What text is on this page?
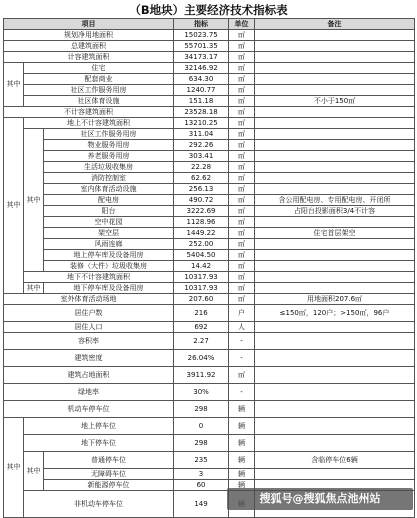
（B地块）主要经济技术指标表
项目			指标	单位	备注
规划净用地面积			15023.75	㎡	
总建筑面积			55701.35	㎡	
计容建筑面积			34173.17	㎡	
其中	住宅		32146.92	㎡	
	配套商业		634.30	㎡	
	社区工作服务用房		1240.77	㎡	
	社区体育设施		151.18	㎡	不小于150㎡
不计容建筑面积			23528.18	㎡	
其中	地上不计容建筑面积		13210.25	㎡	
	其中	社区工作服务用房	311.04	㎡	
		物业服务用房	292.26	㎡	
		养老服务用房	303.41	㎡	
		生活垃圾收集房	22.28	㎡	
		消防控制室	62.62	㎡	
		室内体育活动设施	256.13	㎡	
		配电房	490.72	㎡	含公用配电房、专用配电房、开闭所
		阳台	3222.69	㎡	占阳台投影面积3/4不计容
		空中花园	1128.96	㎡	
		架空层	1449.22	㎡	住宅首层架空
		风雨连廊	252.00	㎡	
		地上停车库及设备用房	5404.50	㎡	
		装修（大件）垃圾收集房	14.42	㎡	
	地下不计容建筑面积		10317.93	㎡	
	其中	地下停车库及设备用房	10317.93	㎡	
室外体育活动场地			207.60	㎡	用地面积207.6㎡
居住户数			216	户	≤150㎡，120户；>150㎡，96户
居住人口			692	人	
容积率			2.27	-	
建筑密度			26.04%	-	
建筑占地面积			3911.92	㎡	
绿地率			30%	-	
机动车停车位			298	辆	
其中	地上停车位		0	辆	
	地下停车位		298	辆	
	其中	普通停车位	235	辆	含临停车位6辆
		无障碍车位	3	辆	
		新能源停车位	60	辆	
	非机动车停车位		149			搜狐号@搜狐焦点池州站
